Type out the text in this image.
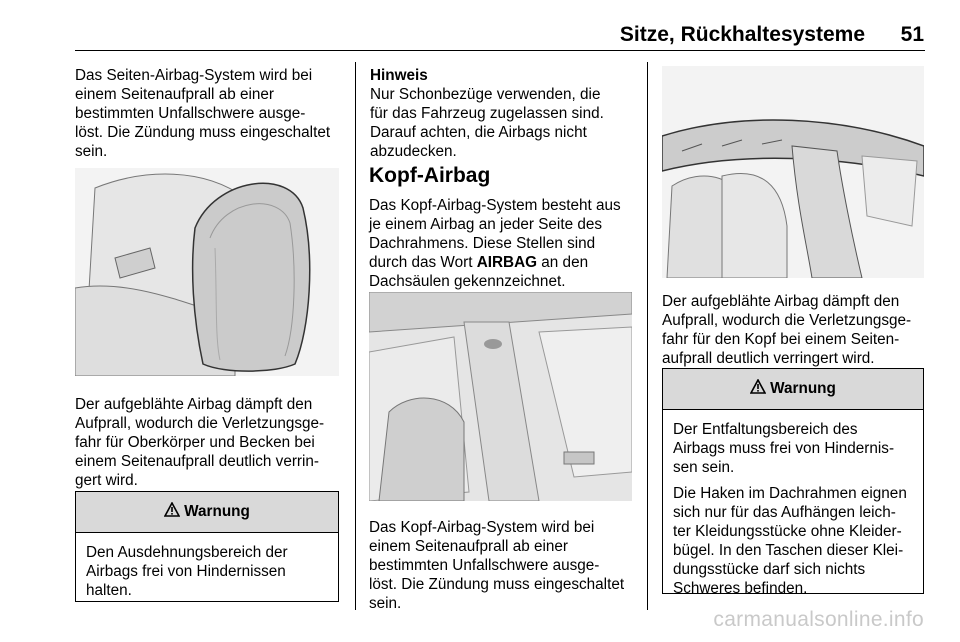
Sitze, Rückhaltesysteme 51

Das Seiten-Airbag-System wird bei
einem Seitenaufprall ab einer
bestimmten Unfallschwere ausge-
löst. Die Zündung muss eingeschaltet
sein.

Der aufgeblähte Airbag dämpft den
Aufprall, wodurch die Verletzungsge-
fahr für Oberkörper und Becken bei
einem Seitenaufprall deutlich verrin-
gert wird.

Warnung

Den Ausdehnungsbereich der
Airbags frei von Hindernissen
halten.

Hinweis
Nur Schonbezüge verwenden, die
für das Fahrzeug zugelassen sind.
Darauf achten, die Airbags nicht
abzudecken.

Kopf-Airbag

Das Kopf-Airbag-System besteht aus
je einem Airbag an jeder Seite des
Dachrahmens. Diese Stellen sind
durch das Wort AIRBAG an den
Dachsäulen gekennzeichnet.

Das Kopf-Airbag-System wird bei
einem Seitenaufprall ab einer
bestimmten Unfallschwere ausge-
löst. Die Zündung muss eingeschaltet
sein.

Der aufgeblähte Airbag dämpft den
Aufprall, wodurch die Verletzungsge-
fahr für den Kopf bei einem Seiten-
aufprall deutlich verringert wird.

Warnung

Der Entfaltungsbereich des
Airbags muss frei von Hindernis-
sen sein.

Die Haken im Dachrahmen eignen
sich nur für das Aufhängen leich-
ter Kleidungsstücke ohne Kleider-
bügel. In den Taschen dieser Klei-
dungsstücke darf sich nichts
Schweres befinden.

carmanualsonline.info
